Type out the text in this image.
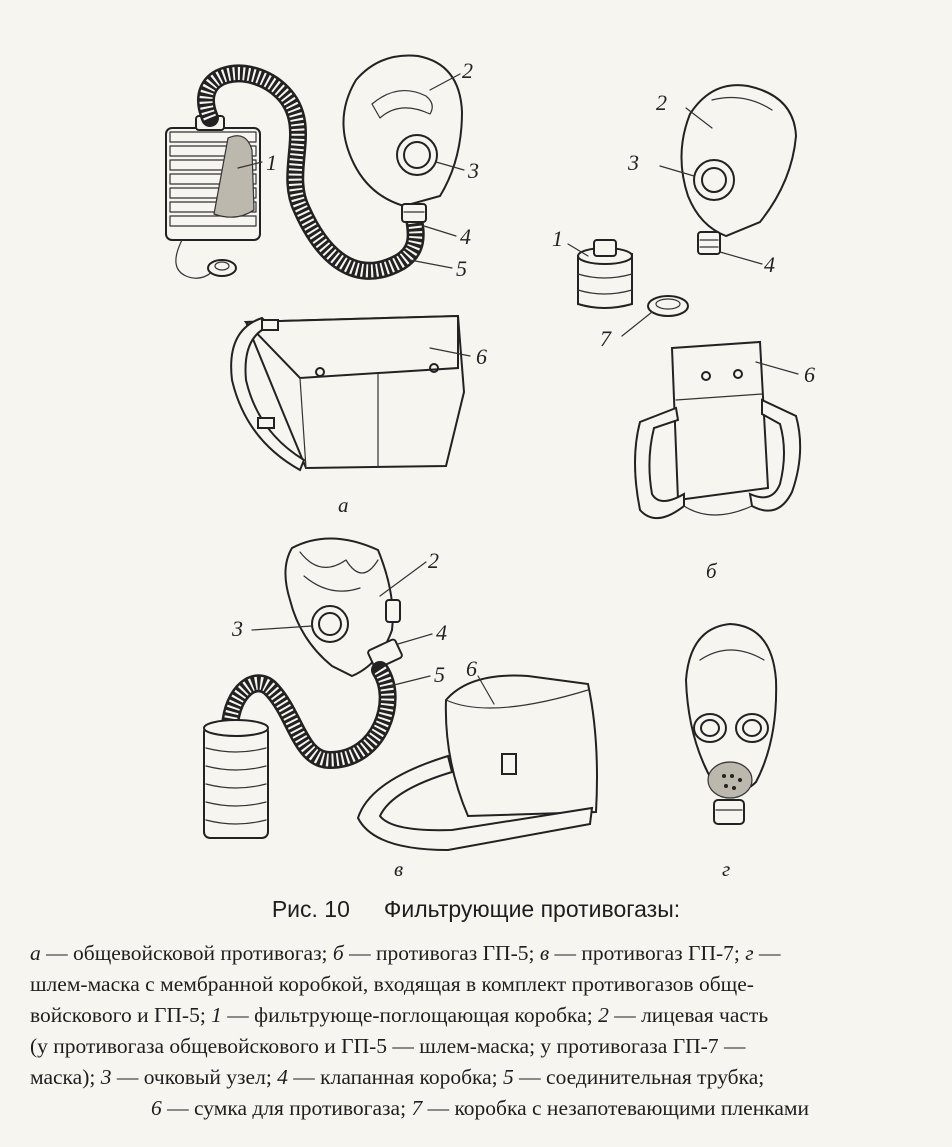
1
2
3
4
5
6
а
2
3
4
1
7
6
б
2
3	4
5 6
в	г
Рис. 10 Фильтрующие противогазы:
а — общевойсковой противогаз; б — противогаз ГП-5; в — противогаз ГП-7; г —
шлем-маска с мембранной коробкой, входящая в комплект противогазов обще-
войскового и ГП-5; 1 — фильтрующе-поглощающая коробка; 2 — лицевая часть
(у противогаза общевойскового и ГП-5 — шлем-маска; у противогаза ГП-7 —
маска); 3 — очковый узел; 4 — клапанная коробка; 5 — соединительная трубка;
6 — сумка для противогаза; 7 — коробка с незапотевающими пленками
